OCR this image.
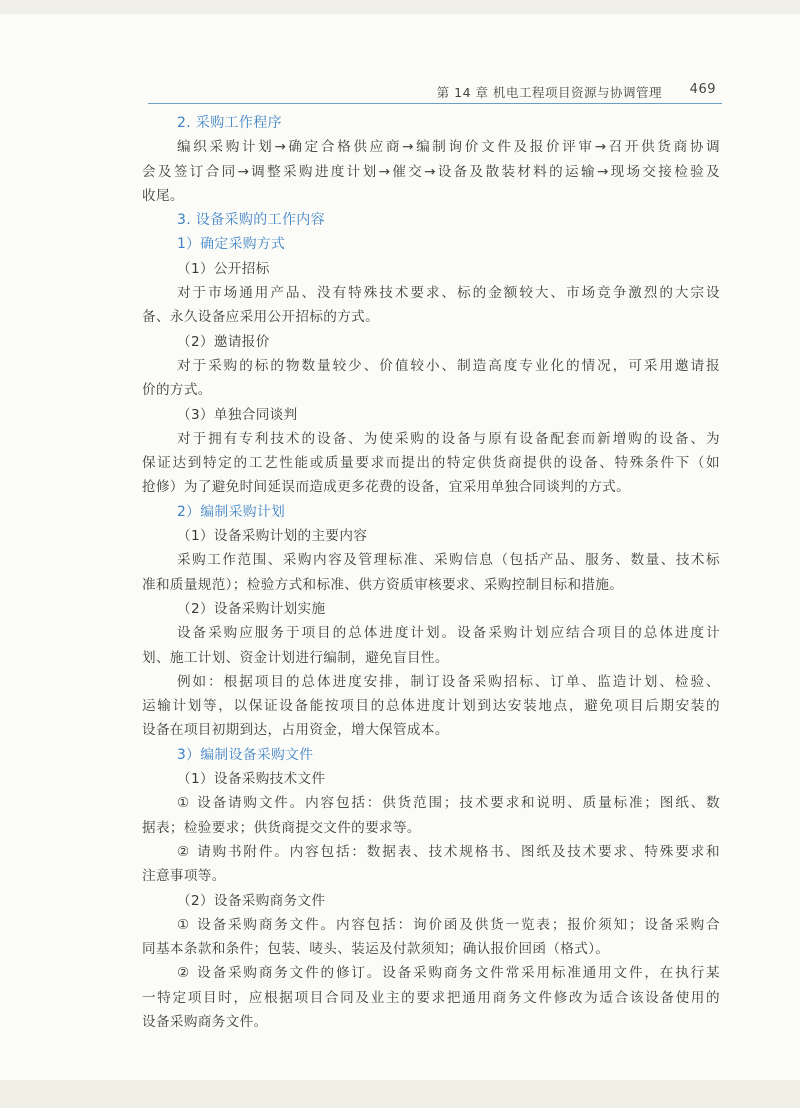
第 14 章 机电工程项目资源与协调管理 469
2. 采购工作程序
编织采购计划→确定合格供应商→编制询价文件及报价评审→召开供货商协调
会及签订合同→调整采购进度计划→催交→设备及散装材料的运输→现场交接检验及
收尾。
3. 设备采购的工作内容
1）确定采购方式
（1）公开招标
对于市场通用产品、没有特殊技术要求、标的金额较大、市场竞争激烈的大宗设
备、永久设备应采用公开招标的方式。
（2）邀请报价
对于采购的标的物数量较少、价值较小、制造高度专业化的情况，可采用邀请报
价的方式。
（3）单独合同谈判
对于拥有专利技术的设备、为使采购的设备与原有设备配套而新增购的设备、为
保证达到特定的工艺性能或质量要求而提出的特定供货商提供的设备、特殊条件下（如
抢修）为了避免时间延误而造成更多花费的设备，宜采用单独合同谈判的方式。
2）编制采购计划
（1）设备采购计划的主要内容
采购工作范围、采购内容及管理标准、采购信息（包括产品、服务、数量、技术标
准和质量规范）；检验方式和标准、供方资质审核要求、采购控制目标和措施。
（2）设备采购计划实施
设备采购应服务于项目的总体进度计划。设备采购计划应结合项目的总体进度计
划、施工计划、资金计划进行编制，避免盲目性。
例如：根据项目的总体进度安排，制订设备采购招标、订单、监造计划、检验、
运输计划等，以保证设备能按项目的总体进度计划到达安装地点，避免项目后期安装的
设备在项目初期到达，占用资金，增大保管成本。
3）编制设备采购文件
（1）设备采购技术文件
① 设备请购文件。内容包括：供货范围；技术要求和说明、质量标准；图纸、数
据表；检验要求；供货商提交文件的要求等。
② 请购书附件。内容包括：数据表、技术规格书、图纸及技术要求、特殊要求和
注意事项等。
（2）设备采购商务文件
① 设备采购商务文件。内容包括：询价函及供货一览表；报价须知；设备采购合
同基本条款和条件；包装、唛头、装运及付款须知；确认报价回函（格式）。
② 设备采购商务文件的修订。设备采购商务文件常采用标准通用文件，在执行某
一特定项目时，应根据项目合同及业主的要求把通用商务文件修改为适合该设备使用的
设备采购商务文件。
